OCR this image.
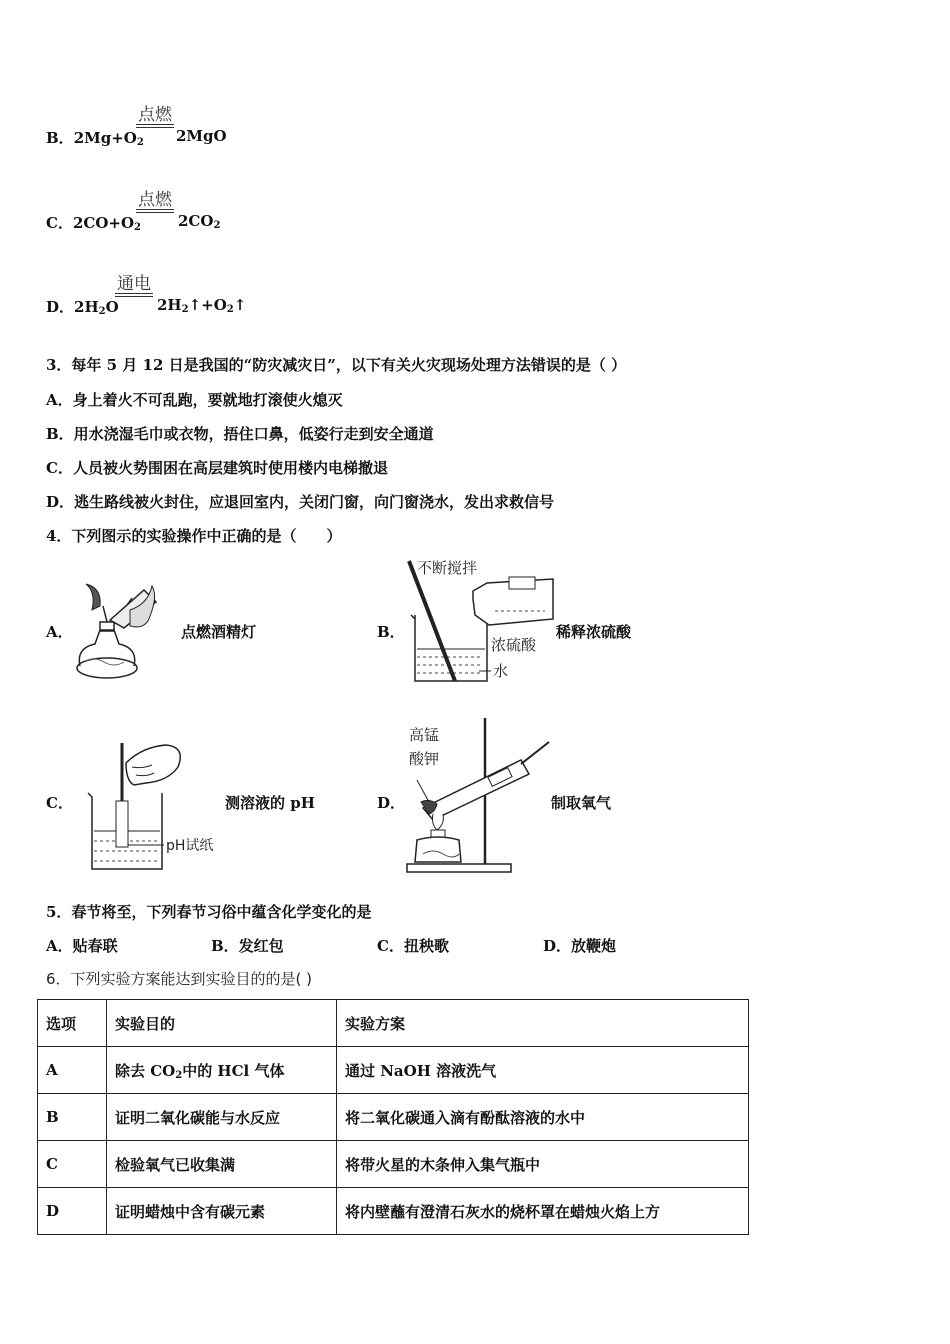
B．$2Mg+O_2$
点燃
2MgO
C．$2CO+O_2$
点燃
$2CO_2$
D．$2H_2O$
通电
$2H_2↑+O_2↑$
3．每年 5 月 12 日是我国的“防灾减灾日”，以下有关火灾现场处理方法错误的是（ ）
A．身上着火不可乱跑，要就地打滚使火熄灭
B．用水浇湿毛巾或衣物，捂住口鼻，低姿行走到安全通道
C．人员被火势围困在高层建筑时使用楼内电梯撤退
D．逃生路线被火封住，应退回室内，关闭门窗，向门窗浇水，发出求救信号
4．下列图示的实验操作中正确的是（　　）
A．	点燃酒精灯	B．
不断搅拌
浓硫酸
水
稀释浓硫酸
C．
pH试纸
测溶液的 pH	D．
高锰
酸钾
制取氧气
5．春节将至，下列春节习俗中蕴含化学变化的是
A．贴春联	B．发红包	C．扭秧歌	D．放鞭炮
6．下列实验方案能达到实验目的的是( )
选项	实验目的	实验方案
A	除去 $CO_2$中的 HCl 气体	通过 NaOH 溶液洗气
B	证明二氧化碳能与水反应	将二氧化碳通入滴有酚酞溶液的水中
C	检验氧气已收集满	将带火星的木条伸入集气瓶中
D	证明蜡烛中含有碳元素	将内壁蘸有澄清石灰水的烧杯罩在蜡烛火焰上方
